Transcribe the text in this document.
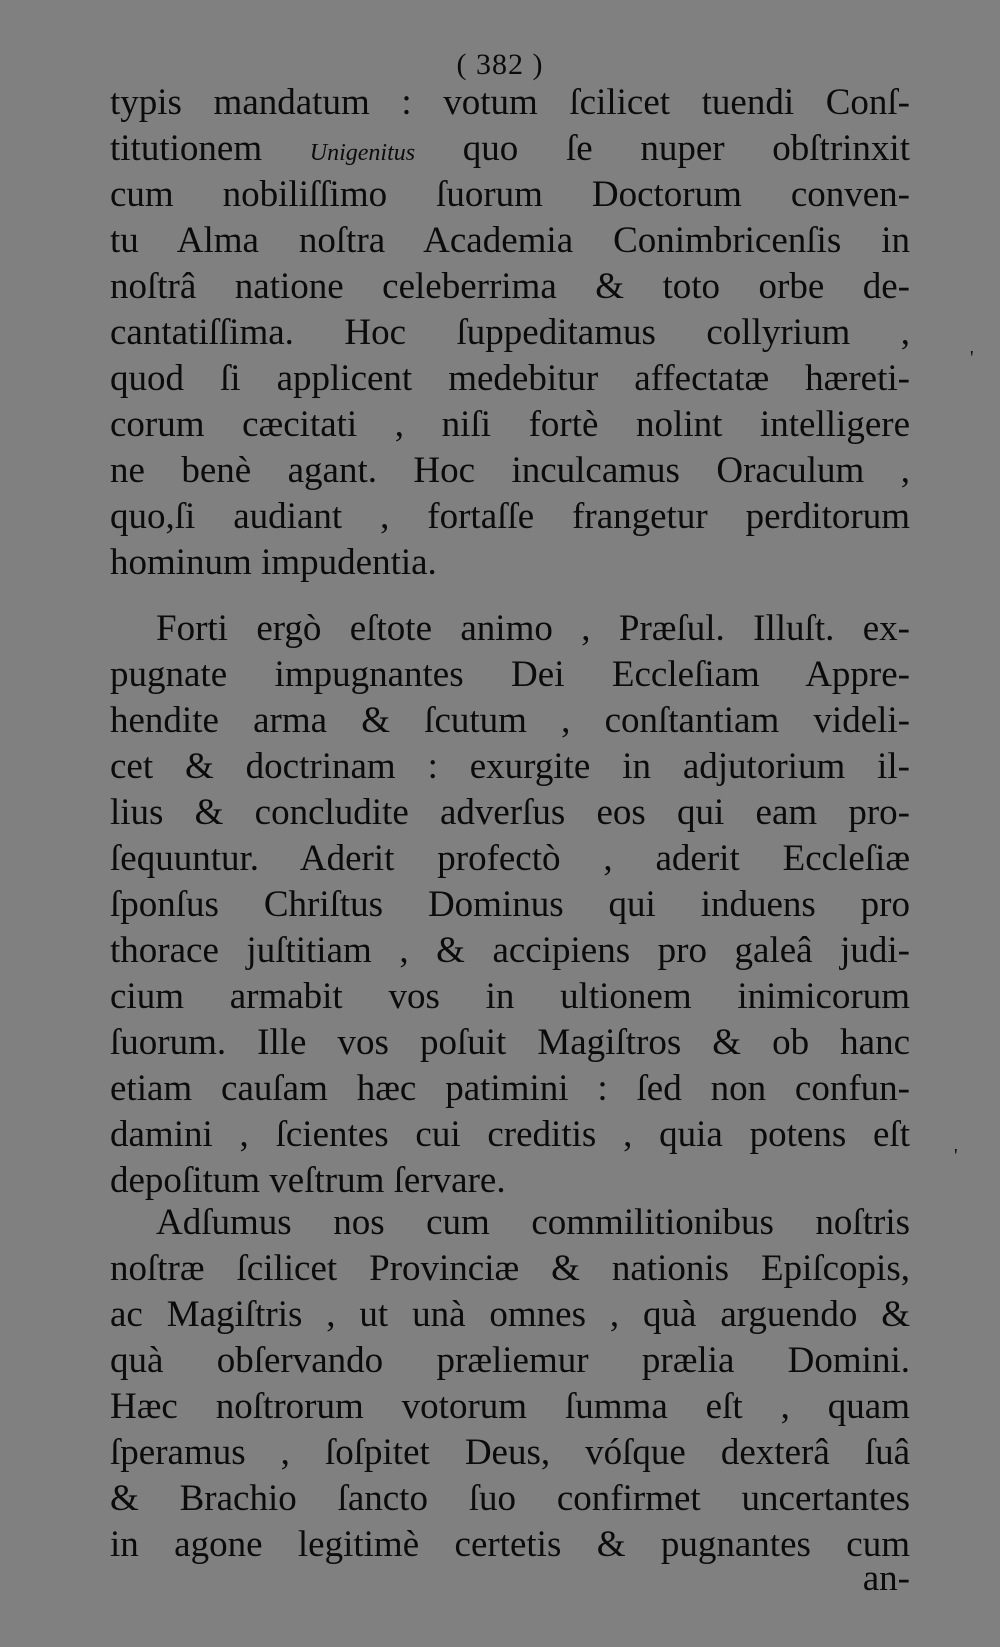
( 382 )
typis mandatum : votum ſcilicet tuendi Conſ-
titutionem Unigenitus quo ſe nuper obſtrinxit
cum nobiliſſimo ſuorum Doctorum conven-
tu Alma noſtra Academia Conimbricenſis in
noſtrâ natione celeberrima & toto orbe de-
cantatiſſima. Hoc ſuppeditamus collyrium ,
quod ſi applicent medebitur affectatæ hæreti-
corum cæcitati , niſi fortè nolint intelligere
ne benè agant. Hoc inculcamus Oraculum ,
quo,ſi audiant , fortaſſe frangetur perditorum
hominum impudentia.
Forti ergò eſtote animo , Præſul. Illuſt. ex-
pugnate impugnantes Dei Eccleſiam Appre-
hendite arma & ſcutum , conſtantiam videli-
cet & doctrinam : exurgite in adjutorium il-
lius & concludite adverſus eos qui eam pro-
ſequuntur. Aderit profectò , aderit Eccleſiæ
ſponſus Chriſtus Dominus qui induens pro
thorace juſtitiam , & accipiens pro galeâ judi-
cium armabit vos in ultionem inimicorum
ſuorum. Ille vos poſuit Magiſtros & ob hanc
etiam cauſam hæc patimini : ſed non confun-
damini , ſcientes cui creditis , quia potens eſt
depoſitum veſtrum ſervare.
Adſumus nos cum commilitionibus noſtris
noſtræ ſcilicet Provinciæ & nationis Epiſcopis,
ac Magiſtris , ut unà omnes , quà arguendo &
quà obſervando præliemur prælia Domini.
Hæc noſtrorum votorum ſumma eſt , quam
ſperamus , ſoſpitet Deus, vóſque dexterâ ſuâ
& Brachio ſancto ſuo confirmet uncertantes
in agone legitimè certetis & pugnantes cum
an-
'
'
